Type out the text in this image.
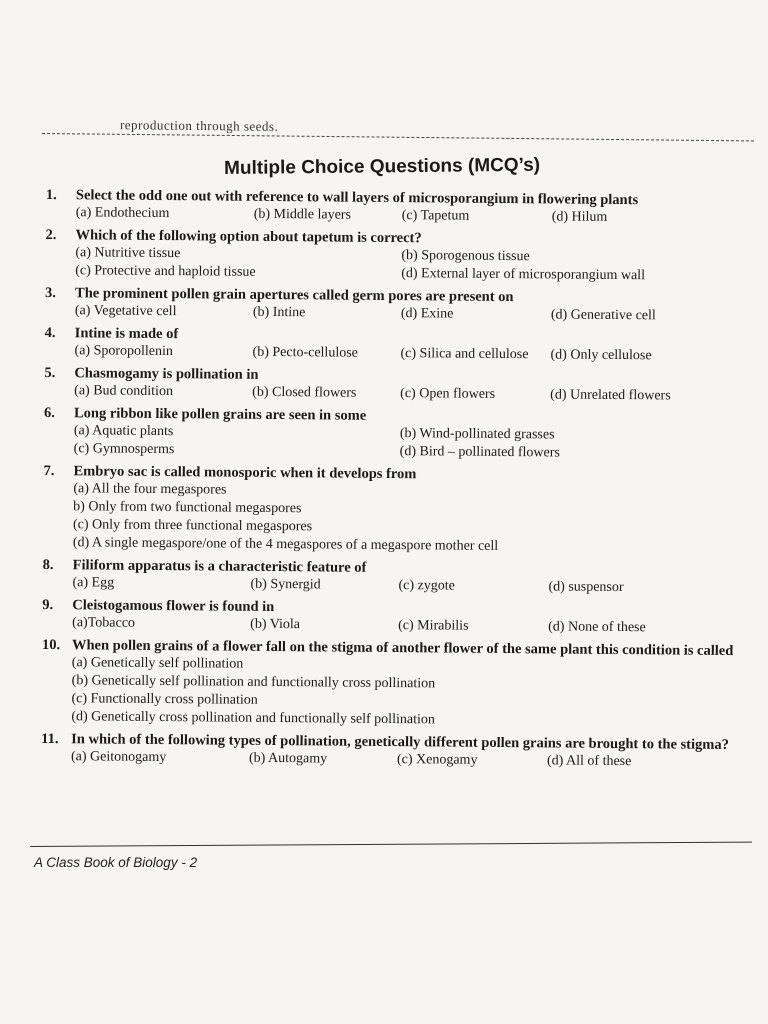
reproduction through seeds.
Multiple Choice Questions (MCQ’s)
1. Select the odd one out with reference to wall layers of microsporangium in flowering plants
(a) Endothecium	(b) Middle layers	(c) Tapetum	(d) Hilum
2. Which of the following option about tapetum is correct?
(a) Nutritive tissue	(b) Sporogenous tissue
(c) Protective and haploid tissue	(d) External layer of microsporangium wall
3. The prominent pollen grain apertures called germ pores are present on
(a) Vegetative cell	(b) Intine	(d) Exine	(d) Generative cell
4. Intine is made of
(a) Sporopollenin	(b) Pecto-cellulose	(c) Silica and cellulose	(d) Only cellulose
5. Chasmogamy is pollination in
(a) Bud condition	(b) Closed flowers	(c) Open flowers	(d) Unrelated flowers
6. Long ribbon like pollen grains are seen in some
(a) Aquatic plants	(b) Wind-pollinated grasses
(c) Gymnosperms	(d) Bird – pollinated flowers
7. Embryo sac is called monosporic when it develops from
(a) All the four megaspores
b) Only from two functional megaspores
(c) Only from three functional megaspores
(d) A single megaspore/one of the 4 megaspores of a megaspore mother cell
8. Filiform apparatus is a characteristic feature of
(a) Egg	(b) Synergid	(c) zygote	(d) suspensor
9. Cleistogamous flower is found in
(a)Tobacco	(b) Viola	(c) Mirabilis	(d) None of these
10. When pollen grains of a flower fall on the stigma of another flower of the same plant this condition is called
(a) Genetically self pollination
(b) Genetically self pollination and functionally cross pollination
(c) Functionally cross pollination
(d) Genetically cross pollination and functionally self pollination
11. In which of the following types of pollination, genetically different pollen grains are brought to the stigma?
(a) Geitonogamy	(b) Autogamy	(c) Xenogamy	(d) All of these
A Class Book of Biology - 2
